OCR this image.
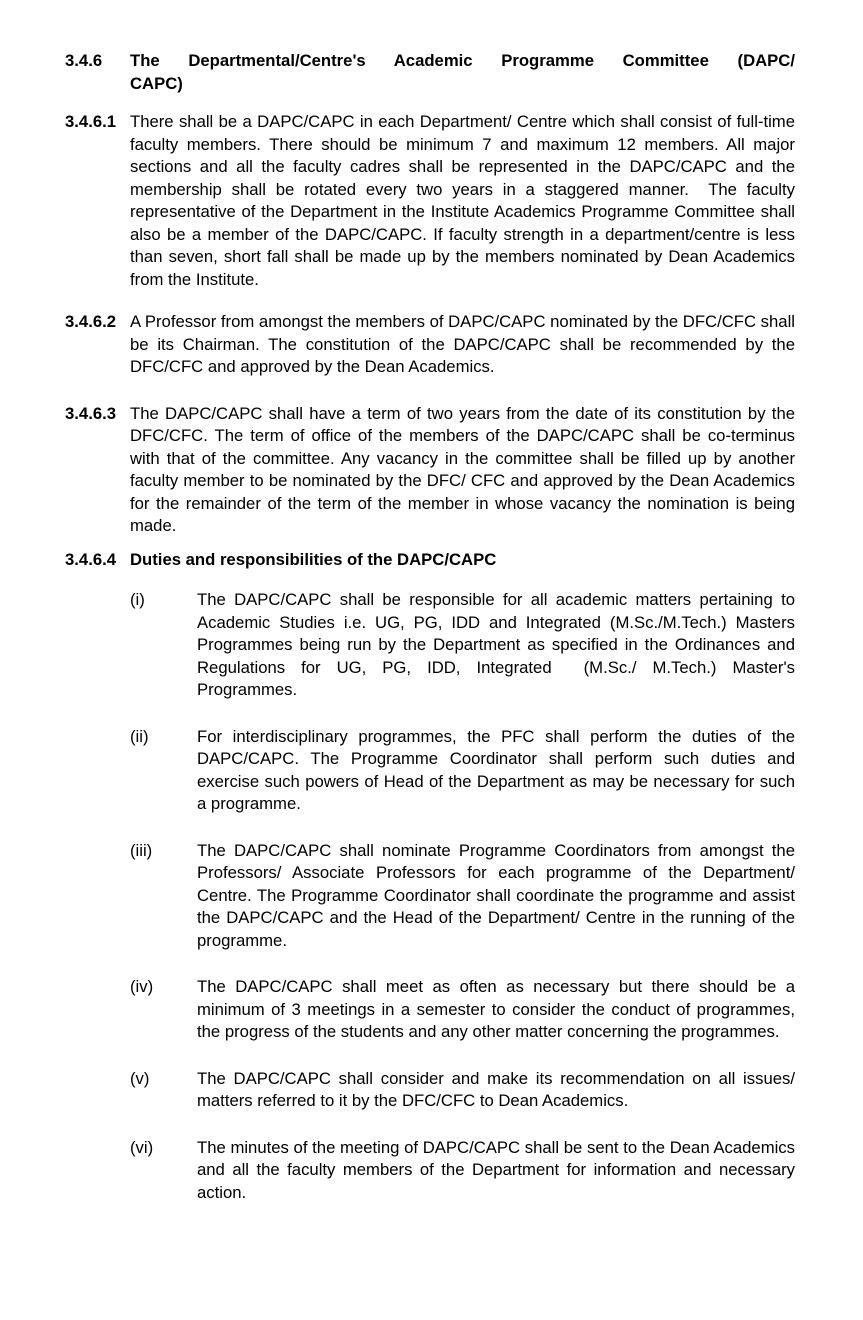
3.4.6	The Departmental/Centre's Academic Programme Committee (DAPC/
CAPC)
3.4.6.1 There shall be a DAPC/CAPC in each Department/ Centre which shall consist of full-time faculty members. There should be minimum 7 and maximum 12 members. All major sections and all the faculty cadres shall be represented in the DAPC/CAPC and the membership shall be rotated every two years in a staggered manner.  The faculty representative of the Department in the Institute Academics Programme Committee shall also be a member of the DAPC/CAPC. If faculty strength in a department/centre is less than seven, short fall shall be made up by the members nominated by Dean Academics from the Institute.
3.4.6.2 A Professor from amongst the members of DAPC/CAPC nominated by the DFC/CFC shall be its Chairman. The constitution of the DAPC/CAPC shall be recommended by the DFC/CFC and approved by the Dean Academics.
3.4.6.3 The DAPC/CAPC shall have a term of two years from the date of its constitution by the DFC/CFC. The term of office of the members of the DAPC/CAPC shall be co-terminus with that of the committee. Any vacancy in the committee shall be filled up by another faculty member to be nominated by the DFC/ CFC and approved by the Dean Academics for the remainder of the term of the member in whose vacancy the nomination is being made.
3.4.6.4 Duties and responsibilities of the DAPC/CAPC
(i)	The DAPC/CAPC shall be responsible for all academic matters pertaining to Academic Studies i.e. UG, PG, IDD and Integrated (M.Sc./M.Tech.) Masters Programmes being run by the Department as specified in the Ordinances and Regulations for UG, PG, IDD, Integrated  (M.Sc./ M.Tech.) Master's Programmes.
(ii)	For interdisciplinary programmes, the PFC shall perform the duties of the DAPC/CAPC. The Programme Coordinator shall perform such duties and exercise such powers of Head of the Department as may be necessary for such a programme.
(iii)	The DAPC/CAPC shall nominate Programme Coordinators from amongst the Professors/ Associate Professors for each programme of the Department/ Centre. The Programme Coordinator shall coordinate the programme and assist the DAPC/CAPC and the Head of the Department/ Centre in the running of the programme.
(iv)	The DAPC/CAPC shall meet as often as necessary but there should be a minimum of 3 meetings in a semester to consider the conduct of programmes, the progress of the students and any other matter concerning the programmes.
(v)	The DAPC/CAPC shall consider and make its recommendation on all issues/ matters referred to it by the DFC/CFC to Dean Academics.
(vi)	The minutes of the meeting of DAPC/CAPC shall be sent to the Dean Academics and all the faculty members of the Department for information and necessary action.
